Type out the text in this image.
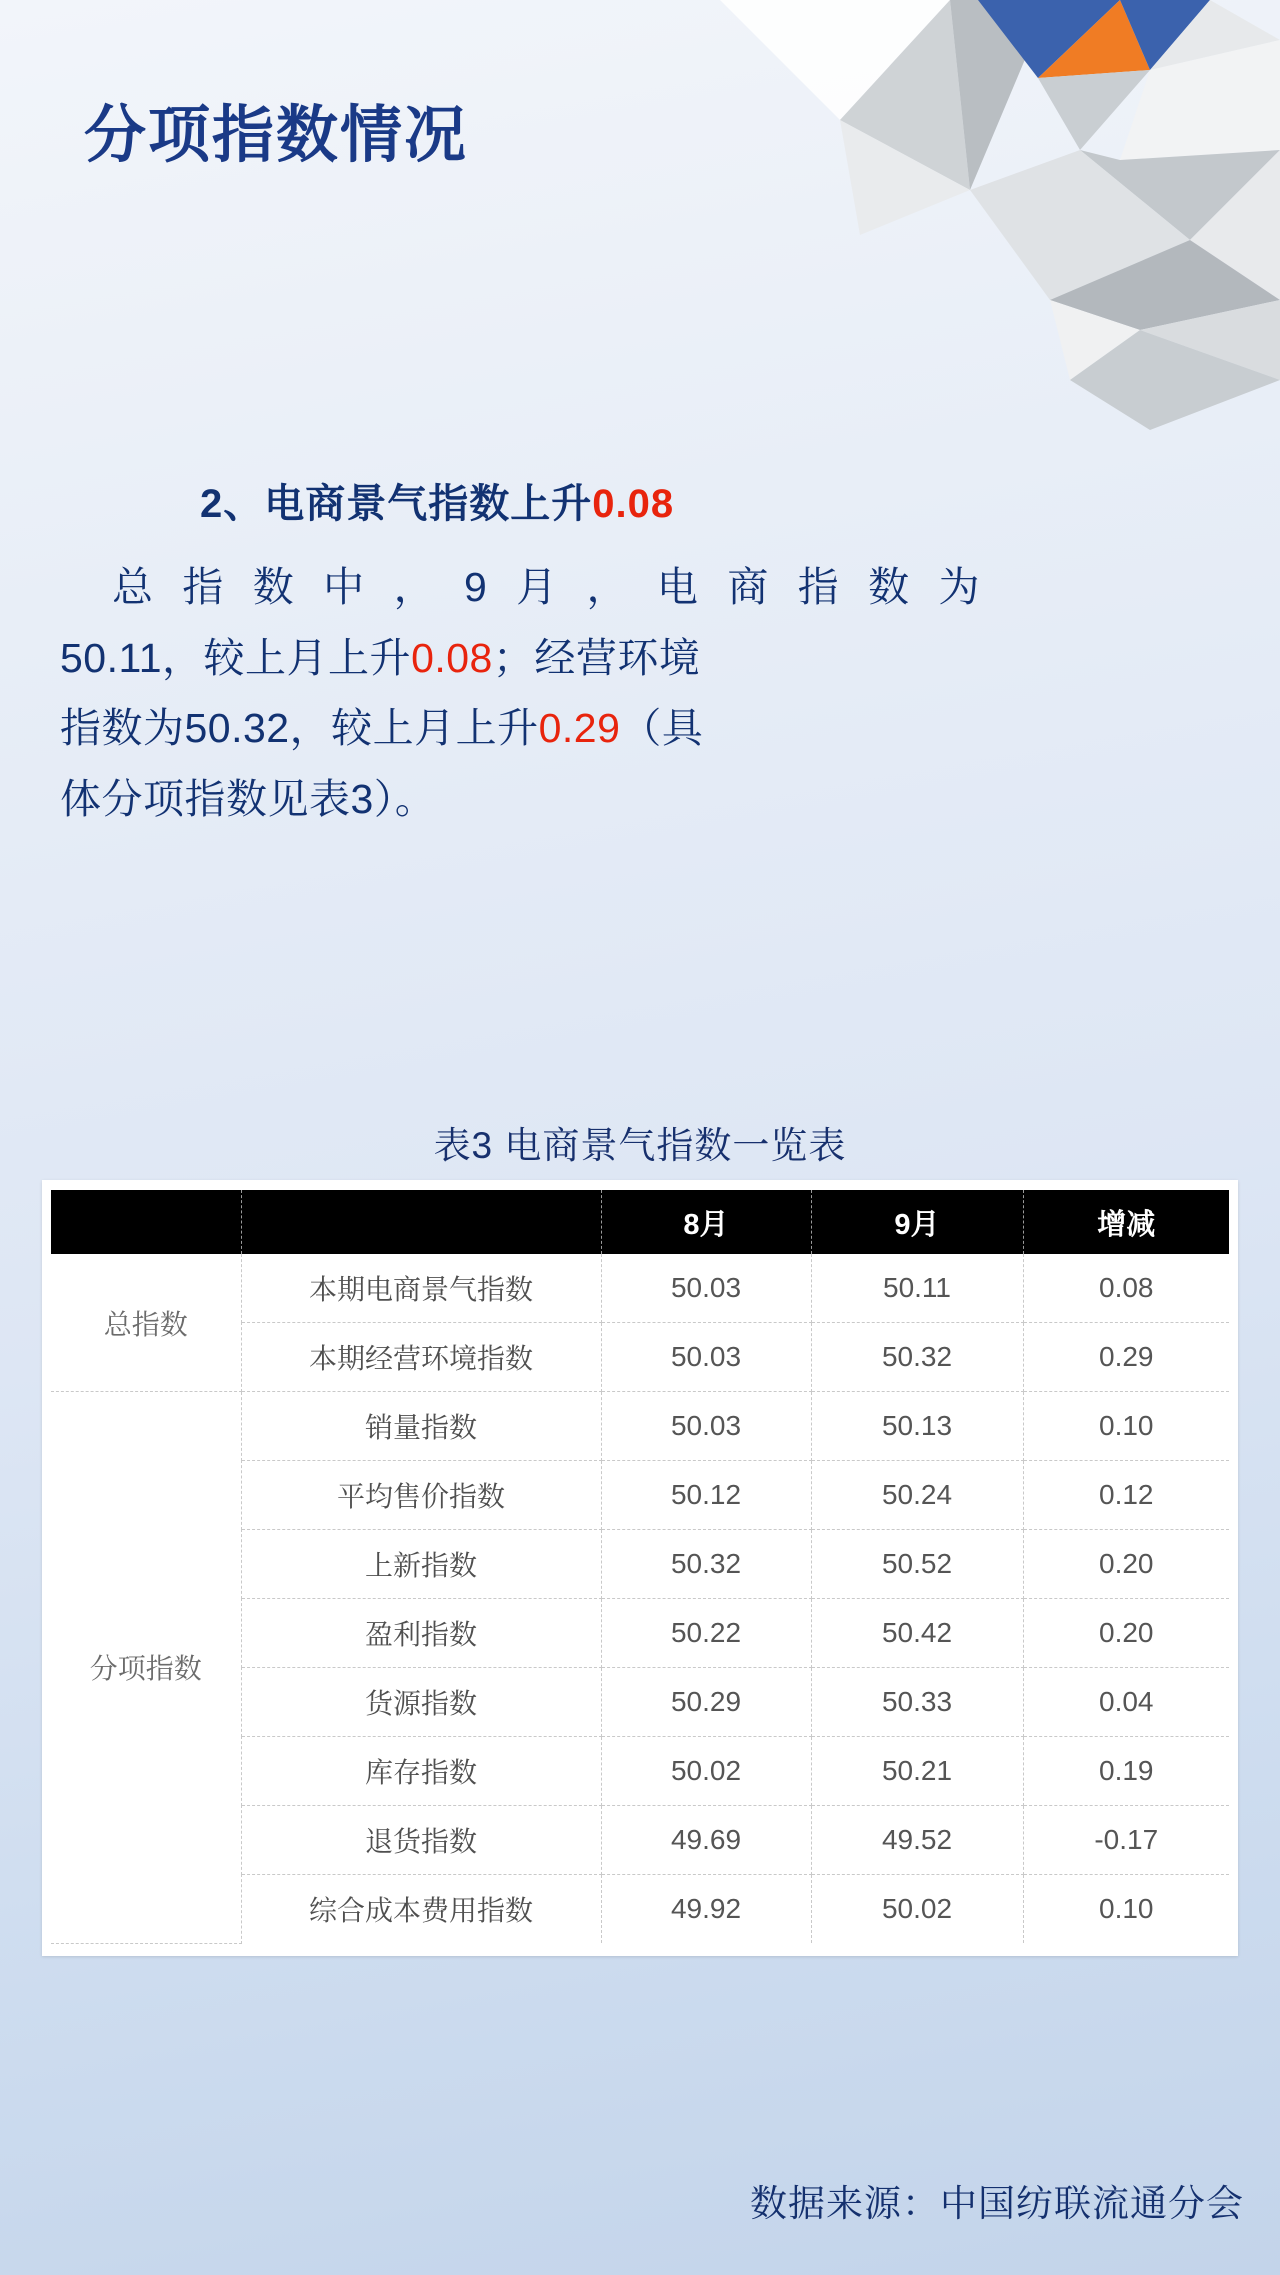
分项指数情况
2、电商景气指数上升0.08
总 指 数 中 ， 9 月 ， 电 商 指 数 为
50.11，较上月上升0.08；经营环境
指数为50.32，较上月上升0.29（具
体分项指数见表3）。
表3 电商景气指数一览表
		8月	9月	增减
总指数	本期电商景气指数	50.03	50.11	0.08
	本期经营环境指数	50.03	50.32	0.29
分项指数	销量指数	50.03	50.13	0.10
	平均售价指数	50.12	50.24	0.12
	上新指数	50.32	50.52	0.20
	盈利指数	50.22	50.42	0.20
	货源指数	50.29	50.33	0.04
	库存指数	50.02	50.21	0.19
	退货指数	49.69	49.52	-0.17
	综合成本费用指数	49.92	50.02	0.10
数据来源：中国纺联流通分会
